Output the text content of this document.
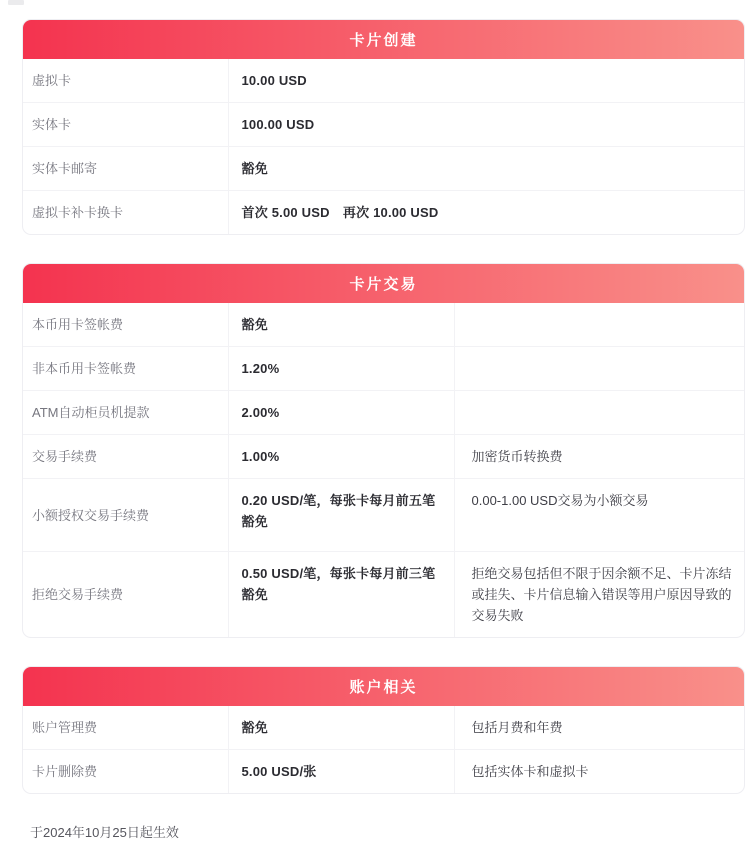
卡片创建
虚拟卡	10.00 USD
实体卡	100.00 USD
实体卡邮寄	豁免
虚拟卡补卡换卡	首次 5.00 USD　再次 10.00 USD
卡片交易
本币用卡签帐费	豁免	
非本币用卡签帐费	1.20%	
ATM自动柜员机提款	2.00%	
交易手续费	1.00%	加密货币转换费
小额授权交易手续费	0.20 USD/笔，每张卡每月前五笔豁免	0.00-1.00 USD交易为小额交易
拒绝交易手续费	0.50 USD/笔，每张卡每月前三笔豁免	拒绝交易包括但不限于因余额不足、卡片冻结或挂失、卡片信息输入错误等用户原因导致的交易失败
账户相关
账户管理费	豁免	包括月费和年费
卡片删除费	5.00 USD/张	包括实体卡和虚拟卡
于2024年10月25日起生效
